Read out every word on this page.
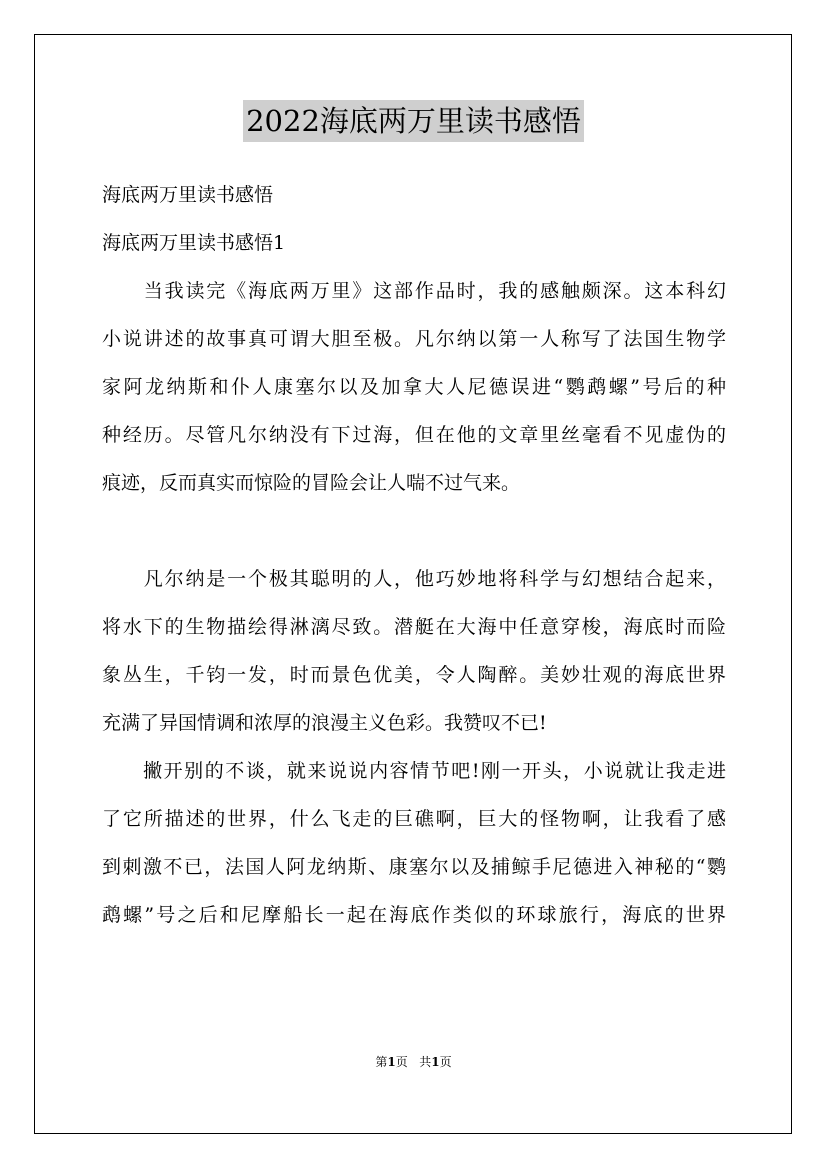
2022海底两万里读书感悟
海底两万里读书感悟
海底两万里读书感悟1
　　当我读完《海底两万里》这部作品时，我的感触颇深。这本科幻
小说讲述的故事真可谓大胆至极。凡尔纳以第一人称写了法国生物学
家阿龙纳斯和仆人康塞尔以及加拿大人尼德误进“鹦鹉螺”号后的种
种经历。尽管凡尔纳没有下过海，但在他的文章里丝毫看不见虚伪的
痕迹，反而真实而惊险的冒险会让人喘不过气来。
　　凡尔纳是一个极其聪明的人，他巧妙地将科学与幻想结合起来，
将水下的生物描绘得淋漓尽致。潜艇在大海中任意穿梭，海底时而险
象丛生，千钧一发，时而景色优美，令人陶醉。美妙壮观的海底世界
充满了异国情调和浓厚的浪漫主义色彩。我赞叹不已!
　　撇开别的不谈，就来说说内容情节吧!刚一开头，小说就让我走进
了它所描述的世界，什么飞走的巨礁啊，巨大的怪物啊，让我看了感
到刺激不已，法国人阿龙纳斯、康塞尔以及捕鲸手尼德进入神秘的“鹦
鹉螺”号之后和尼摩船长一起在海底作类似的环球旅行，海底的世界
第1页 共1页
